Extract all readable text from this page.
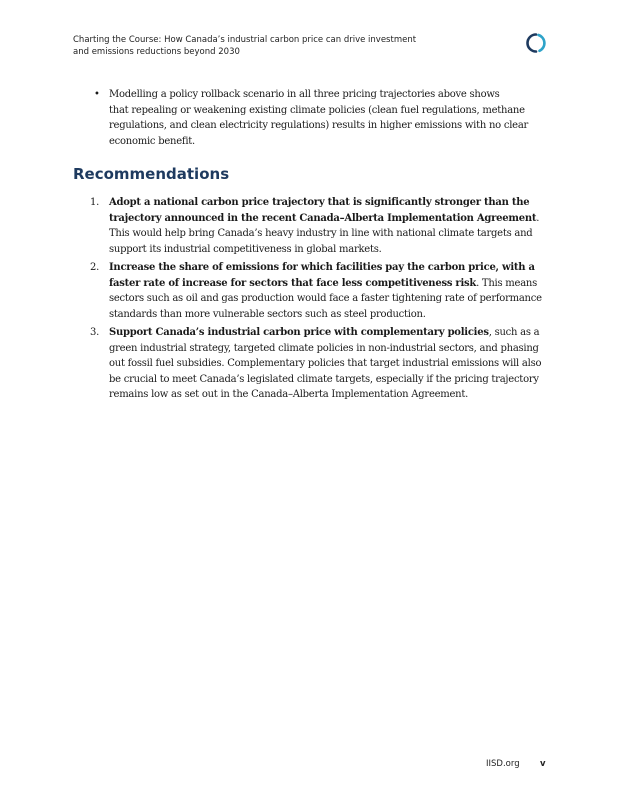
Charting the Course: How Canada’s industrial carbon price can drive investment
and emissions reductions beyond 2030
• Modelling a policy rollback scenario in all three pricing trajectories above shows
that repealing or weakening existing climate policies (clean fuel regulations, methane
regulations, and clean electricity regulations) results in higher emissions with no clear
economic benefit.
Recommendations
1. Adopt a national carbon price trajectory that is significantly stronger than the
trajectory announced in the recent Canada–Alberta Implementation Agreement.
This would help bring Canada’s heavy industry in line with national climate targets and
support its industrial competitiveness in global markets.
2. Increase the share of emissions for which facilities pay the carbon price, with a
faster rate of increase for sectors that face less competitiveness risk. This means
sectors such as oil and gas production would face a faster tightening rate of performance
standards than more vulnerable sectors such as steel production.
3. Support Canada’s industrial carbon price with complementary policies, such as a
green industrial strategy, targeted climate policies in non-industrial sectors, and phasing
out fossil fuel subsidies. Complementary policies that target industrial emissions will also
be crucial to meet Canada’s legislated climate targets, especially if the pricing trajectory
remains low as set out in the Canada–Alberta Implementation Agreement.
IISD.org v
